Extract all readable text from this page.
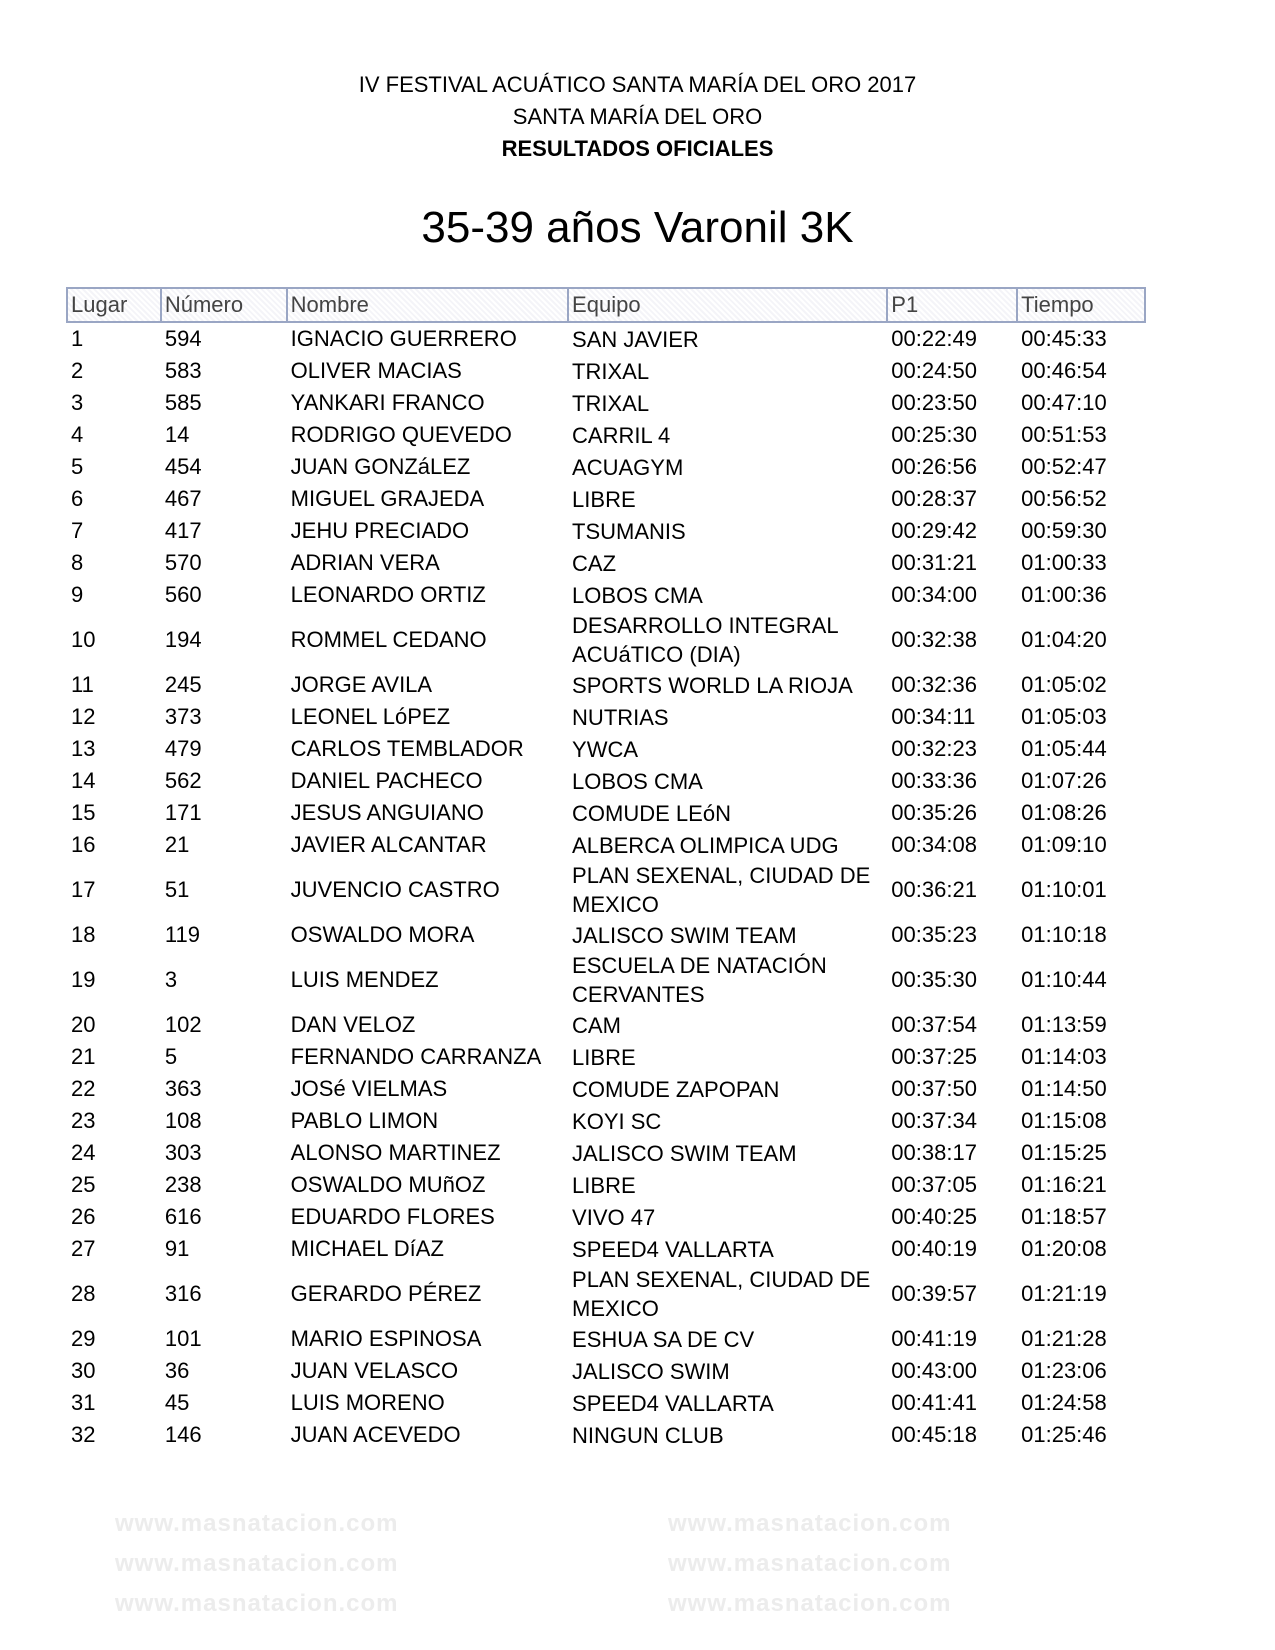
IV FESTIVAL ACUÁTICO SANTA MARÍA DEL ORO 2017
SANTA MARÍA DEL ORO
RESULTADOS OFICIALES
www.masnatacion.com	www.masnatacion.com
www.masnatacion.com	www.masnatacion.com
www.masnatacion.com	www.masnatacion.com
35-39 años Varonil 3K
Lugar	Número	Nombre	Equipo	P1	Tiempo
1	594	IGNACIO GUERRERO	SAN JAVIER	00:22:49	00:45:33
2	583	OLIVER MACIAS	TRIXAL	00:24:50	00:46:54
3	585	YANKARI FRANCO	TRIXAL	00:23:50	00:47:10
4	14	RODRIGO QUEVEDO	CARRIL 4	00:25:30	00:51:53
5	454	JUAN GONZáLEZ	ACUAGYM	00:26:56	00:52:47
6	467	MIGUEL GRAJEDA	LIBRE	00:28:37	00:56:52
7	417	JEHU PRECIADO	TSUMANIS	00:29:42	00:59:30
8	570	ADRIAN VERA	CAZ	00:31:21	01:00:33
9	560	LEONARDO ORTIZ	LOBOS CMA	00:34:00	01:00:36
10	194	ROMMEL CEDANO	DESARROLLO INTEGRAL ACUáTICO (DIA)	00:32:38	01:04:20
11	245	JORGE AVILA	SPORTS WORLD LA RIOJA	00:32:36	01:05:02
12	373	LEONEL LóPEZ	NUTRIAS	00:34:11	01:05:03
13	479	CARLOS TEMBLADOR	YWCA	00:32:23	01:05:44
14	562	DANIEL PACHECO	LOBOS CMA	00:33:36	01:07:26
15	171	JESUS ANGUIANO	COMUDE LEóN	00:35:26	01:08:26
16	21	JAVIER ALCANTAR	ALBERCA OLIMPICA UDG	00:34:08	01:09:10
17	51	JUVENCIO CASTRO	PLAN SEXENAL, CIUDAD DE MEXICO	00:36:21	01:10:01
18	119	OSWALDO MORA	JALISCO SWIM TEAM	00:35:23	01:10:18
19	3	LUIS MENDEZ	ESCUELA DE NATACIÓN CERVANTES	00:35:30	01:10:44
20	102	DAN VELOZ	CAM	00:37:54	01:13:59
21	5	FERNANDO CARRANZA	LIBRE	00:37:25	01:14:03
22	363	JOSé VIELMAS	COMUDE ZAPOPAN	00:37:50	01:14:50
23	108	PABLO LIMON	KOYI SC	00:37:34	01:15:08
24	303	ALONSO MARTINEZ	JALISCO SWIM TEAM	00:38:17	01:15:25
25	238	OSWALDO MUñOZ	LIBRE	00:37:05	01:16:21
26	616	EDUARDO FLORES	VIVO 47	00:40:25	01:18:57
27	91	MICHAEL DíAZ	SPEED4 VALLARTA	00:40:19	01:20:08
28	316	GERARDO PÉREZ	PLAN SEXENAL, CIUDAD DE MEXICO	00:39:57	01:21:19
29	101	MARIO ESPINOSA	ESHUA SA DE CV	00:41:19	01:21:28
30	36	JUAN VELASCO	JALISCO SWIM	00:43:00	01:23:06
31	45	LUIS MORENO	SPEED4 VALLARTA	00:41:41	01:24:58
32	146	JUAN ACEVEDO	NINGUN CLUB	00:45:18	01:25:46
